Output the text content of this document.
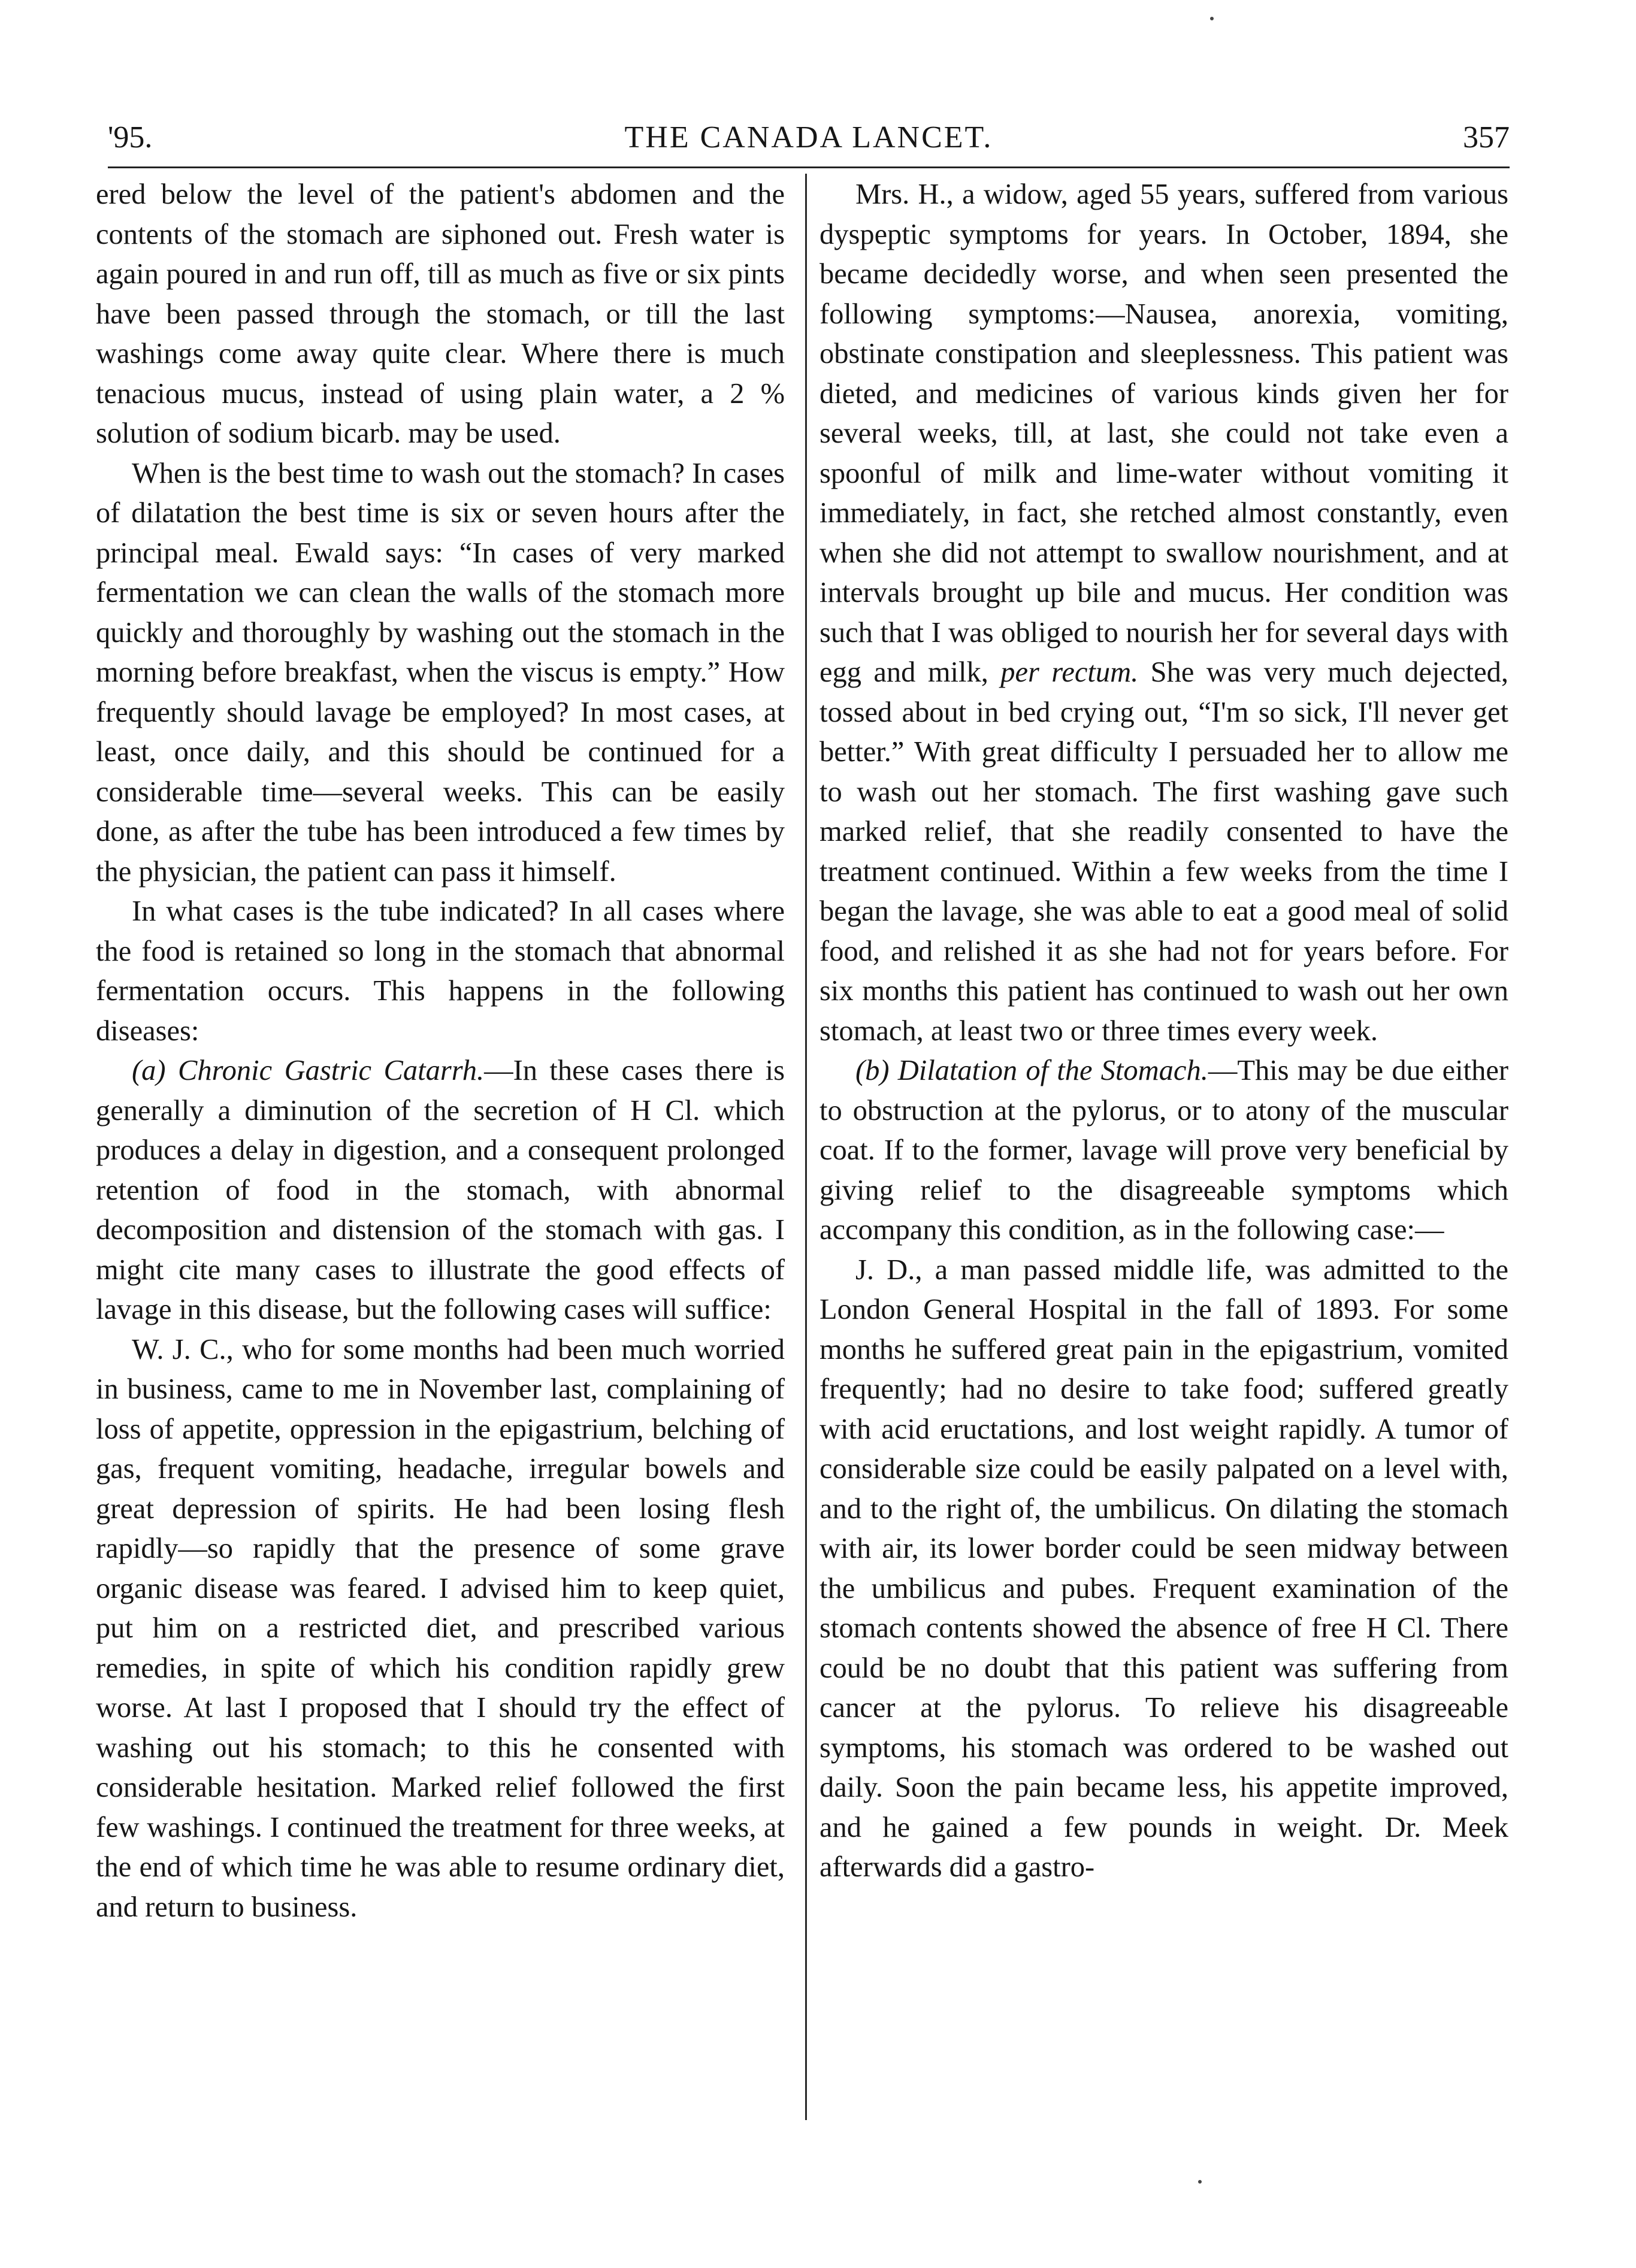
'95.	THE CANADA LANCET.	357

ered below the level of the patient's abdomen and the contents of the stomach are siphoned out. Fresh water is again poured in and run off, till as much as five or six pints have been passed through the stomach, or till the last washings come away quite clear. Where there is much tenacious mucus, instead of using plain water, a 2 % solution of sodium bicarb. may be used.

When is the best time to wash out the stomach? In cases of dilatation the best time is six or seven hours after the principal meal. Ewald says: “In cases of very marked fermentation we can clean the walls of the stomach more quickly and thoroughly by washing out the stomach in the morning before breakfast, when the viscus is empty.” How frequently should lavage be employed? In most cases, at least, once daily, and this should be continued for a considerable time—several weeks. This can be easily done, as after the tube has been introduced a few times by the physician, the patient can pass it himself.

In what cases is the tube indicated? In all cases where the food is retained so long in the stomach that abnormal fermentation occurs. This happens in the following diseases:

(a) Chronic Gastric Catarrh.—In these cases there is generally a diminution of the secretion of H Cl. which produces a delay in digestion, and a consequent prolonged retention of food in the stomach, with abnormal decomposition and distension of the stomach with gas. I might cite many cases to illustrate the good effects of lavage in this disease, but the following cases will suffice:

W. J. C., who for some months had been much worried in business, came to me in November last, complaining of loss of appetite, oppression in the epigastrium, belching of gas, frequent vomiting, headache, irregular bowels and great depression of spirits. He had been losing flesh rapidly—so rapidly that the presence of some grave organic disease was feared. I advised him to keep quiet, put him on a restricted diet, and prescribed various remedies, in spite of which his condition rapidly grew worse. At last I proposed that I should try the effect of washing out his stomach; to this he consented with considerable hesitation. Marked relief followed the first few washings. I continued the treatment for three weeks, at the end of which time he was able to resume ordinary diet, and return to business.

Mrs. H., a widow, aged 55 years, suffered from various dyspeptic symptoms for years. In October, 1894, she became decidedly worse, and when seen presented the following symptoms:—Nausea, anorexia, vomiting, obstinate constipation and sleeplessness. This patient was dieted, and medicines of various kinds given her for several weeks, till, at last, she could not take even a spoonful of milk and lime-water without vomiting it immediately, in fact, she retched almost constantly, even when she did not attempt to swallow nourishment, and at intervals brought up bile and mucus. Her condition was such that I was obliged to nourish her for several days with egg and milk, per rectum. She was very much dejected, tossed about in bed crying out, “I'm so sick, I'll never get better.” With great difficulty I persuaded her to allow me to wash out her stomach. The first washing gave such marked relief, that she readily consented to have the treatment continued. Within a few weeks from the time I began the lavage, she was able to eat a good meal of solid food, and relished it as she had not for years before. For six months this patient has continued to wash out her own stomach, at least two or three times every week.

(b) Dilatation of the Stomach.—This may be due either to obstruction at the pylorus, or to atony of the muscular coat. If to the former, lavage will prove very beneficial by giving relief to the disagreeable symptoms which accompany this condition, as in the following case:—

J. D., a man passed middle life, was admitted to the London General Hospital in the fall of 1893. For some months he suffered great pain in the epigastrium, vomited frequently; had no desire to take food; suffered greatly with acid eructations, and lost weight rapidly. A tumor of considerable size could be easily palpated on a level with, and to the right of, the umbilicus. On dilating the stomach with air, its lower border could be seen midway between the umbilicus and pubes. Frequent examination of the stomach contents showed the absence of free H Cl. There could be no doubt that this patient was suffering from cancer at the pylorus. To relieve his disagreeable symptoms, his stomach was ordered to be washed out daily. Soon the pain became less, his appetite improved, and he gained a few pounds in weight. Dr. Meek afterwards did a gastro-
